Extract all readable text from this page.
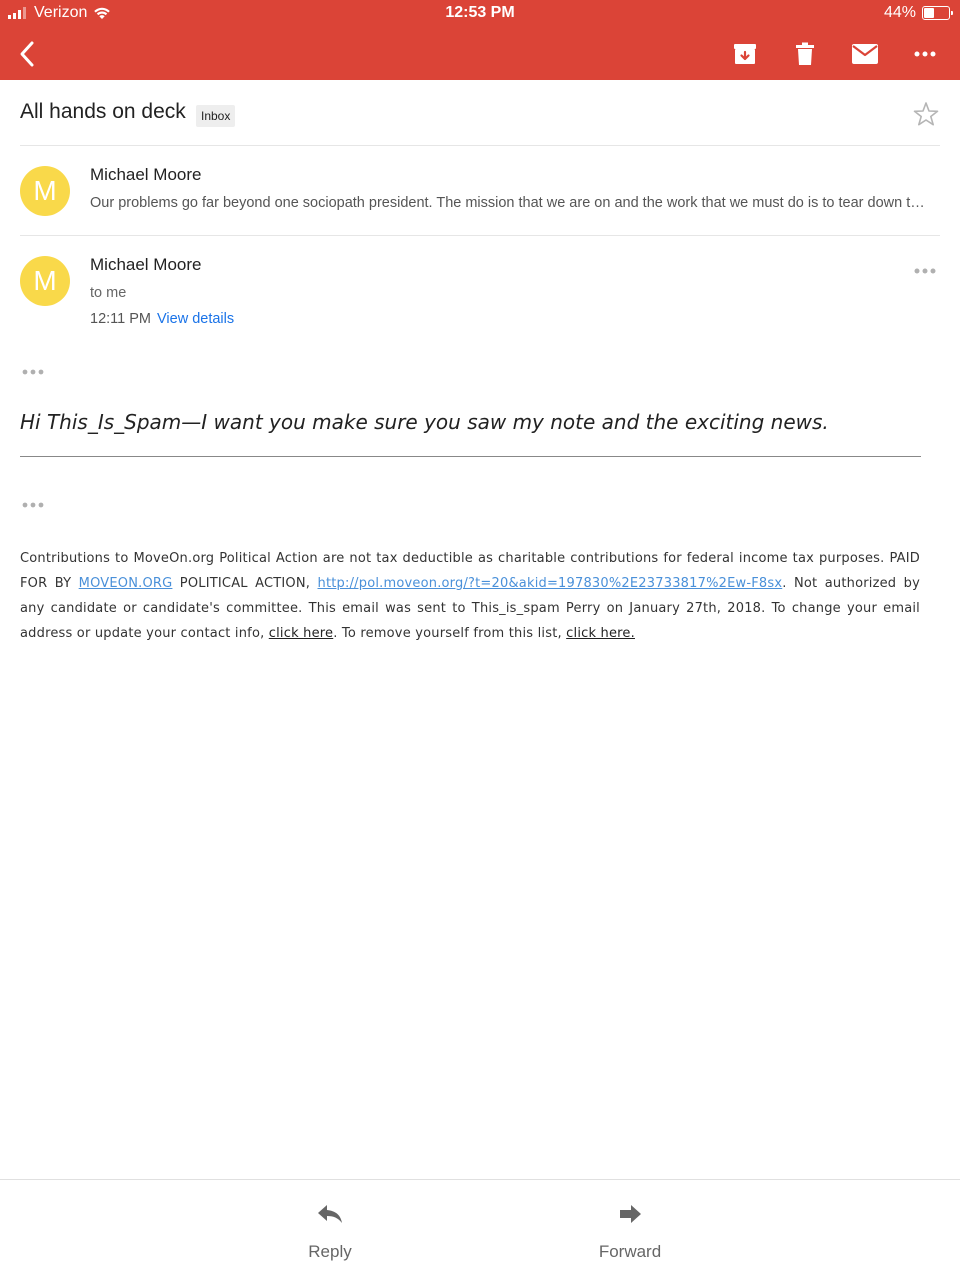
Verizon	12:53 PM	44%
All hands on deck	Inbox
M
Michael Moore
Our problems go far beyond one sociopath president. The mission that we are on and the work that we must do is to tear down th...
M
Michael Moore
to me
12:11 PM View details
Hi This_Is_Spam—I want you make sure you saw my note and the exciting news.
Contributions to MoveOn.org Political Action are not tax deductible as charitable contributions for federal income tax purposes. PAID FOR BY MOVEON.ORG POLITICAL ACTION, http://pol.moveon.org/?t=20&akid=197830%2E23733817%2Ew-F8sx. Not authorized by any candidate or candidate's committee. This email was sent to This_is_spam Perry on January 27th, 2018. To change your email address or update your contact info, click here. To remove yourself from this list, click here.
Reply	Forward
